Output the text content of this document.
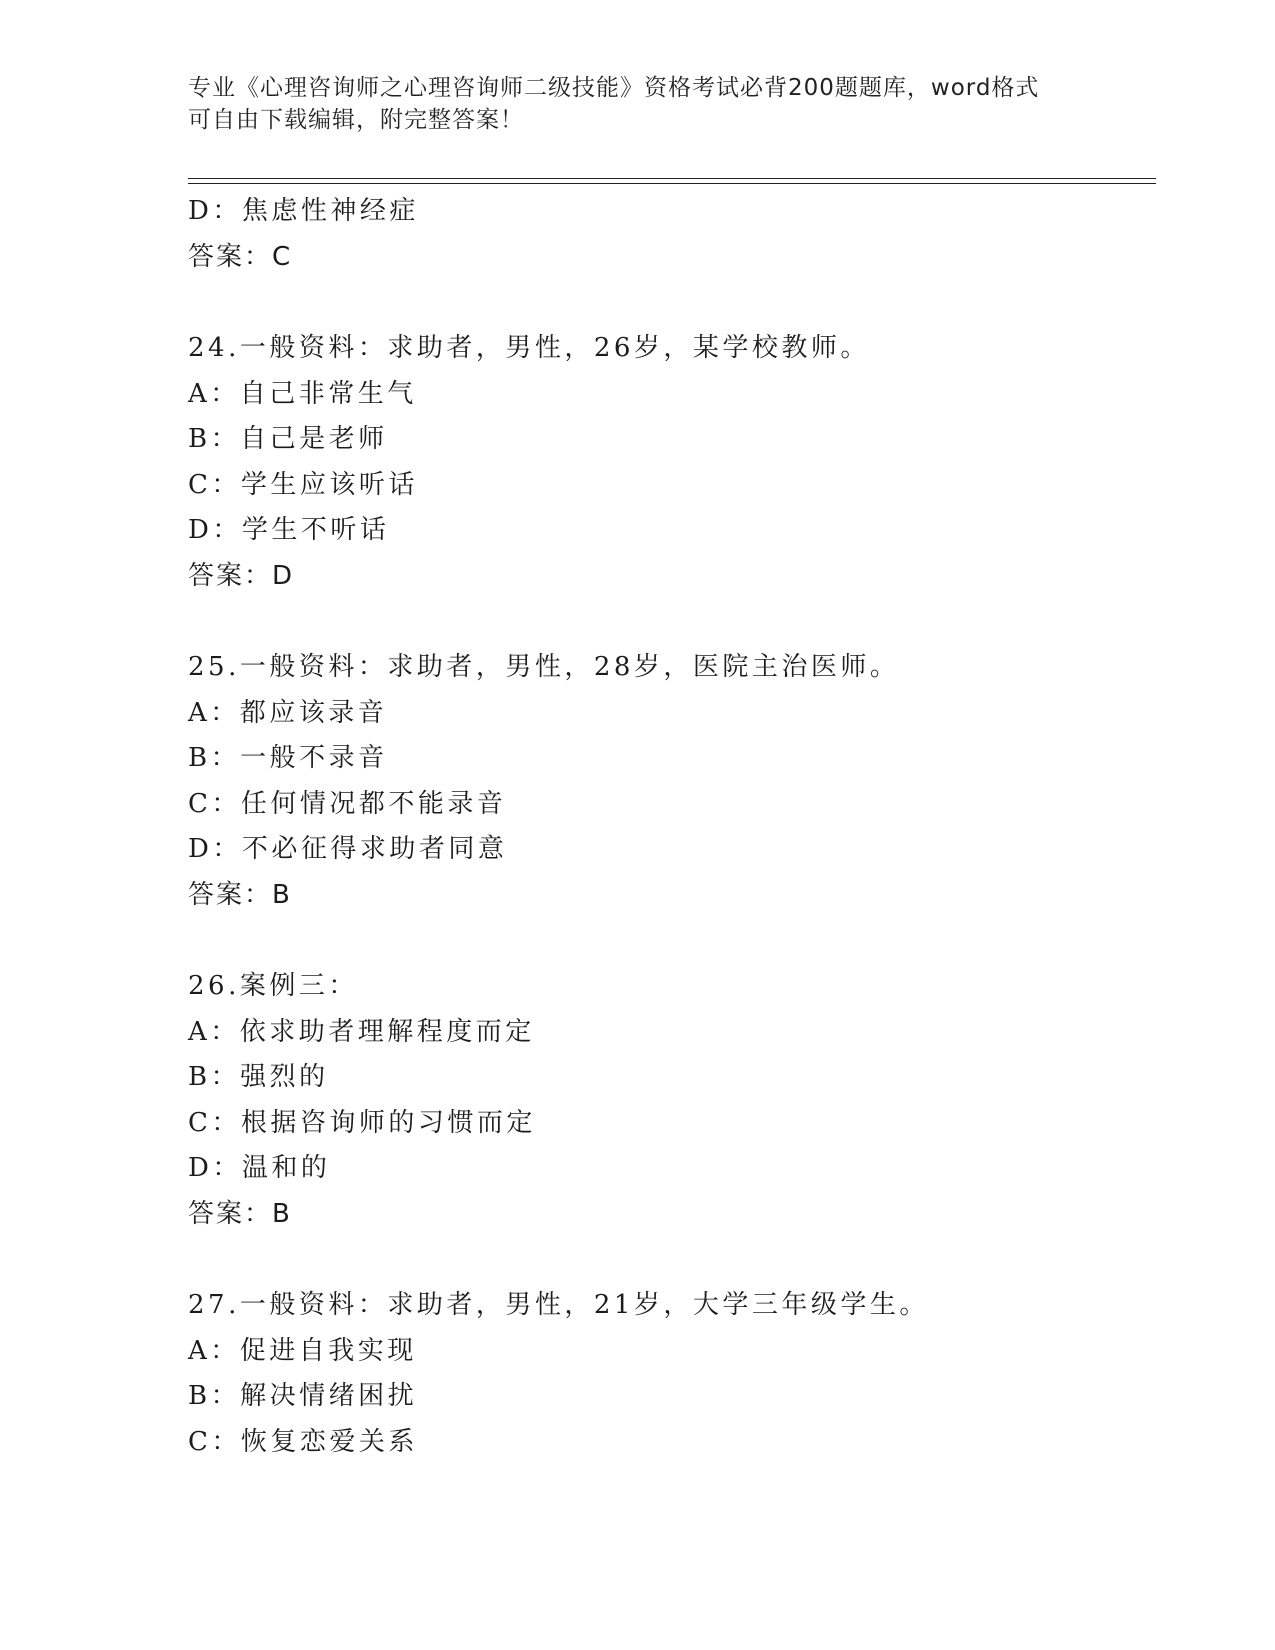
专业《心理咨询师之心理咨询师二级技能》资格考试必背200题题库，word格式
可自由下载编辑，附完整答案！
D：焦虑性神经症
答案：C
24.一般资料：求助者，男性，26岁，某学校教师。
A：自己非常生气
B：自己是老师
C：学生应该听话
D：学生不听话
答案：D
25.一般资料：求助者，男性，28岁，医院主治医师。
A：都应该录音
B：一般不录音
C：任何情况都不能录音
D：不必征得求助者同意
答案：B
26.案例三：
A：依求助者理解程度而定
B：强烈的
C：根据咨询师的习惯而定
D：温和的
答案：B
27.一般资料：求助者，男性，21岁，大学三年级学生。
A：促进自我实现
B：解决情绪困扰
C：恢复恋爱关系
